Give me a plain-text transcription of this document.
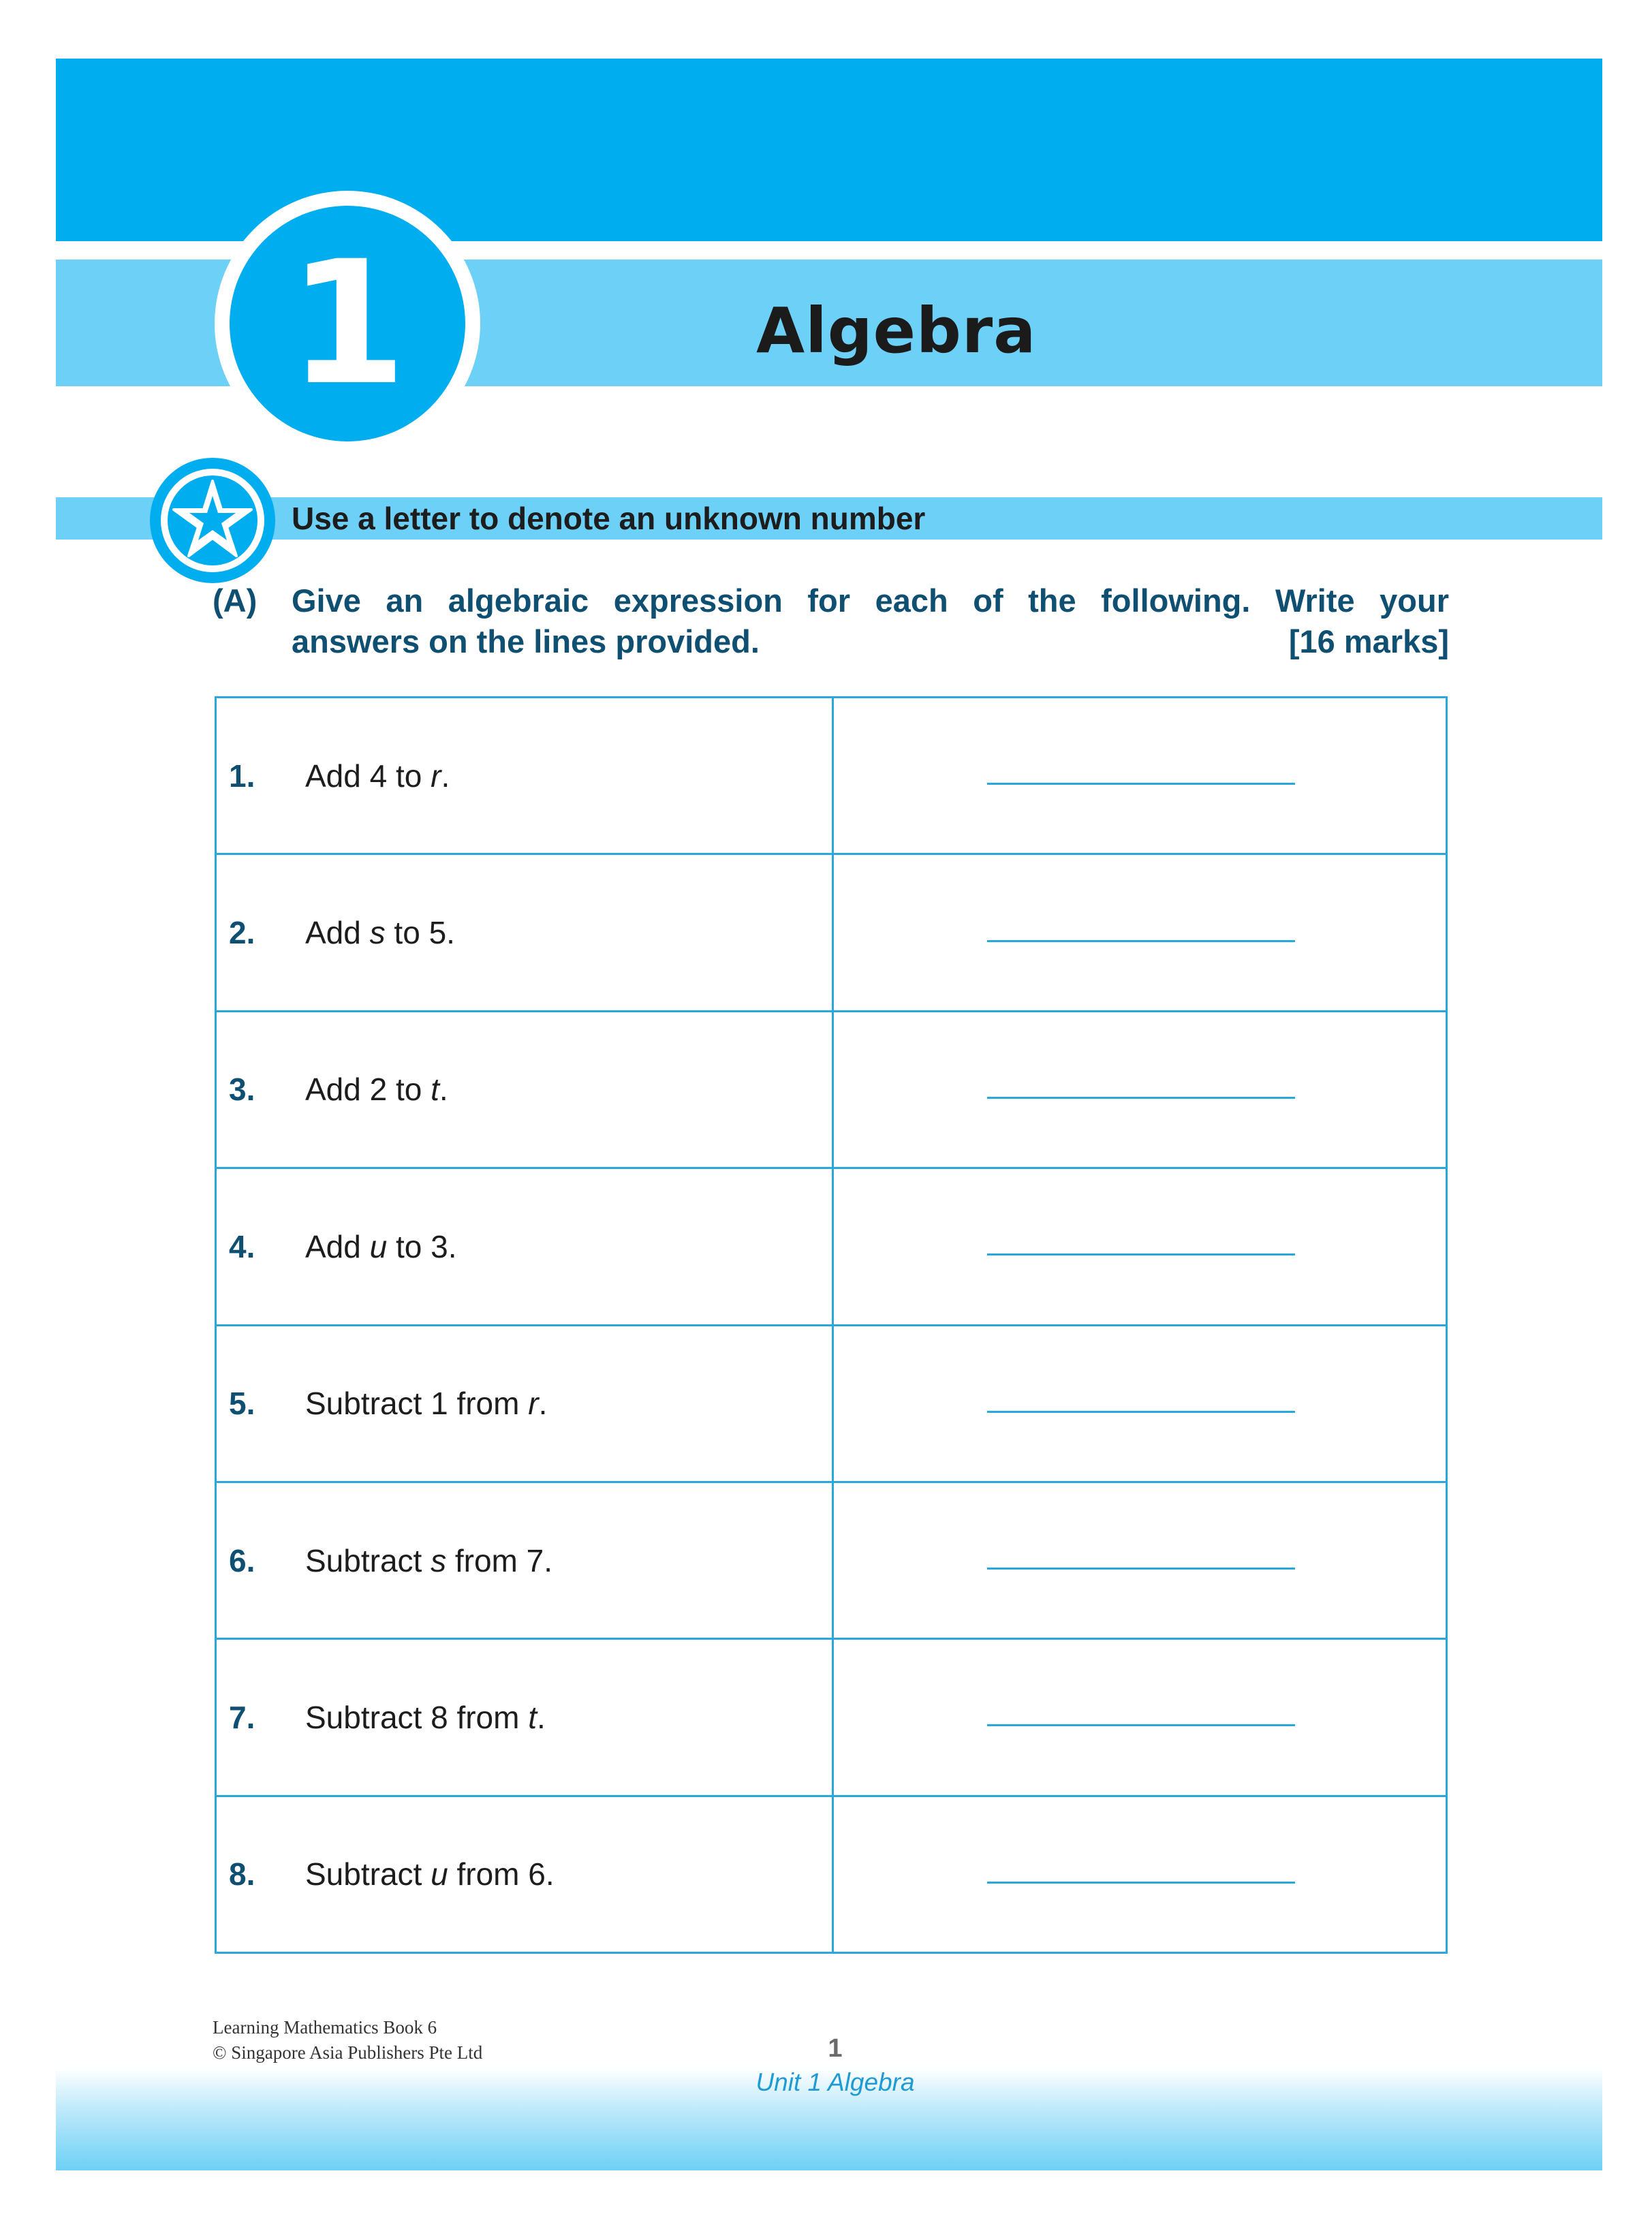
1	Algebra
Use a letter to denote an unknown number
(A) Give an algebraic expression for each of the following. Write your
answers on the lines provided.	[16 marks]
1. Add 4 to r.	

2. Add s to 5.	

3. Add 2 to t.	

4. Add u to 3.	

5. Subtract 1 from r.	

6. Subtract s from 7.	

7. Subtract 8 from t.	

8. Subtract u from 6.	

Learning Mathematics Book 6
© Singapore Asia Publishers Pte Ltd	1
Unit 1 Algebra
